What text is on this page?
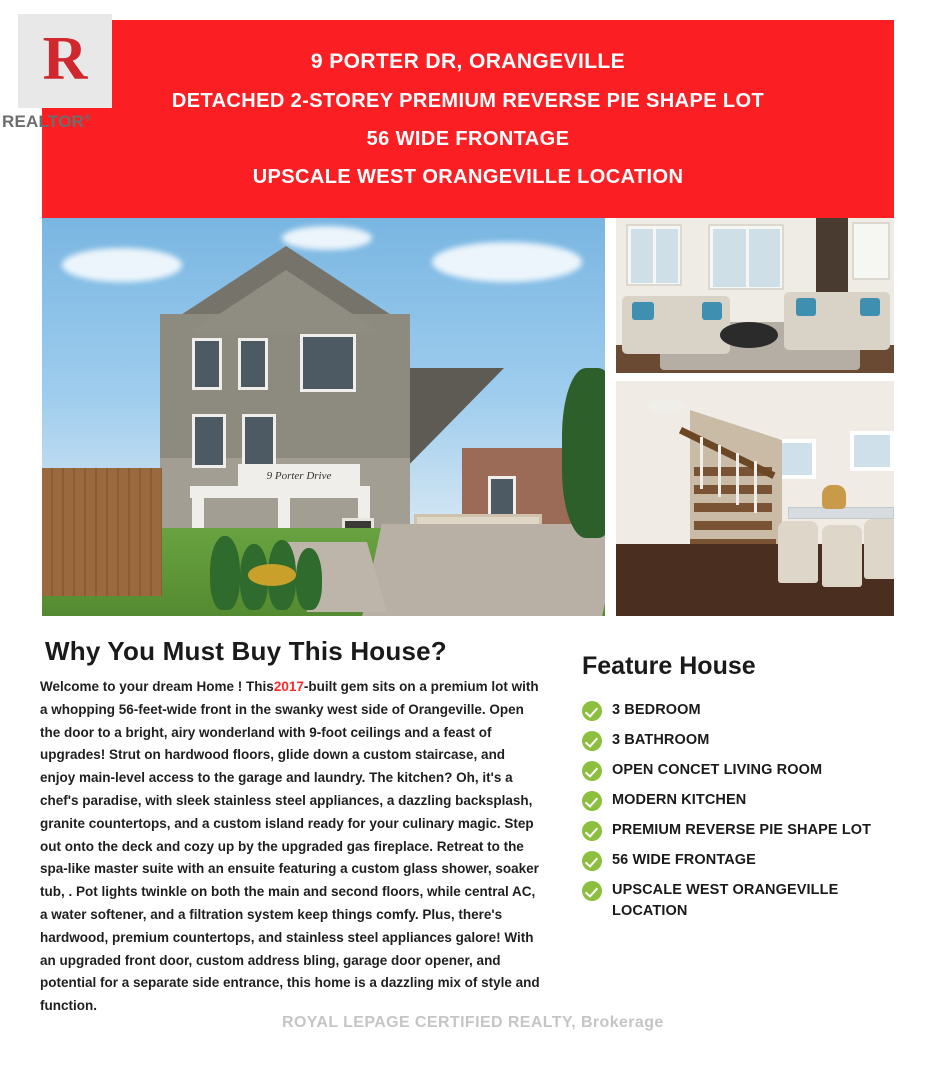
9 PORTER DR, ORANGEVILLE
DETACHED 2-STOREY PREMIUM REVERSE PIE SHAPE LOT
56 WIDE FRONTAGE
UPSCALE WEST ORANGEVILLE LOCATION
R
REALTOR®
9 Porter Drive
Why You Must Buy This House?
Welcome to your dream Home ! This2017-built gem sits on a premium lot with a whopping 56-feet-wide front in the swanky west side of Orangeville. Open the door to a bright, airy wonderland with 9-foot ceilings and a feast of upgrades! Strut on hardwood floors, glide down a custom staircase, and enjoy main-level access to the garage and laundry. The kitchen? Oh, it's a chef's paradise, with sleek stainless steel appliances, a dazzling backsplash, granite countertops, and a custom island ready for your culinary magic. Step out onto the deck and cozy up by the upgraded gas fireplace. Retreat to the spa-like master suite with an ensuite featuring a custom glass shower, soaker tub, . Pot lights twinkle on both the main and second floors, while central AC, a water softener, and a filtration system keep things comfy. Plus, there's hardwood, premium countertops, and stainless steel appliances galore! With an upgraded front door, custom address bling, garage door opener, and potential for a separate side entrance, this home is a dazzling mix of style and function.
Feature House
3 BEDROOM
3 BATHROOM
OPEN CONCET LIVING ROOM
MODERN KITCHEN
PREMIUM REVERSE PIE SHAPE LOT
56 WIDE FRONTAGE
UPSCALE WEST ORANGEVILLE LOCATION
ROYAL LEPAGE CERTIFIED REALTY, Brokerage
